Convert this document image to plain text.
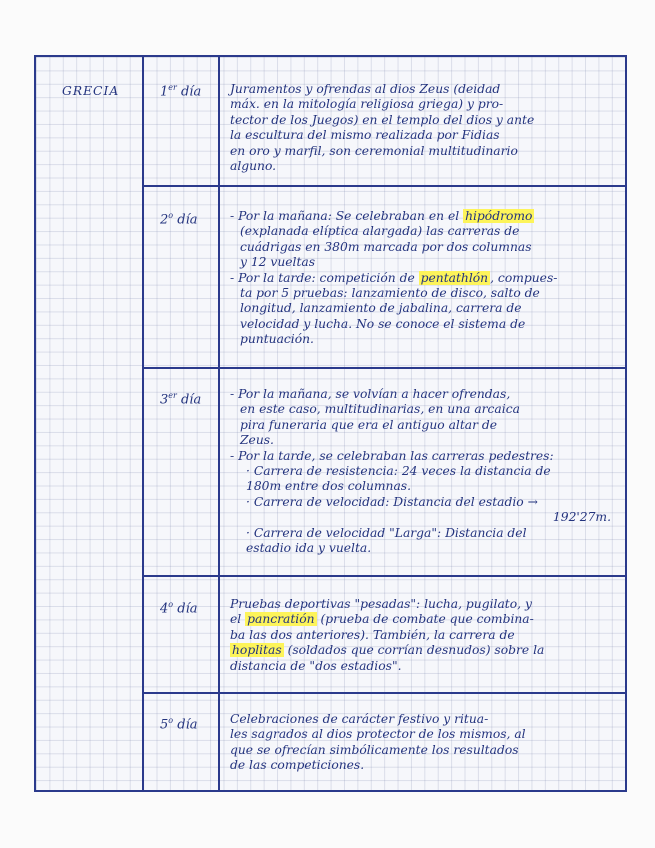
GRECIA	1er día Juramentos y ofrendas al dios Zeus (deidad

máx. en la mitología religiosa griega) y pro-

tector de los Juegos) en el templo del dios y ante

la escultura del mismo realizada por Fidias

en oro y marfil, son ceremonial multitudinario

alguno.

2$^o$ día	- Por la mañana: Se celebraban en el hipódromo

(explanada elíptica alargada) las carreras de

cuádrigas en 380m marcada por dos columnas

y 12 vueltas

- Por la tarde: competición de pentathlón , compues-

ta por 5 pruebas: lanzamiento de disco, salto de

longitud, lanzamiento de jabalina, carrera de

velocidad y lucha. No se conoce el sistema de

puntuación.

3er día - Por la mañana, se volvían a hacer ofrendas,

en este caso, multitudinarias, en una arcaica

pira funeraria que era el antiguo altar de

Zeus.

- Por la tarde, se celebraban las carreras pedestres:

· Carrera de resistencia: 24 veces la distancia de

180m entre dos columnas.

· Carrera de velocidad: Distancia del estadio →

192'27m.

· Carrera de velocidad "Larga": Distancia del

estadio ida y vuelta.

4$^o$ día	Pruebas deportivas "pesadas": lucha, pugilato, y

el pancratión (prueba de combate que combina-

ba las dos anteriores). También, la carrera de

hoplitas (soldados que corrían desnudos) sobre la

distancia de "dos estadios".

5$^o$ día	Celebraciones de carácter festivo y ritua-

les sagrados al dios protector de los mismos, al

que se ofrecían simbólicamente los resultados

de las competiciones.
